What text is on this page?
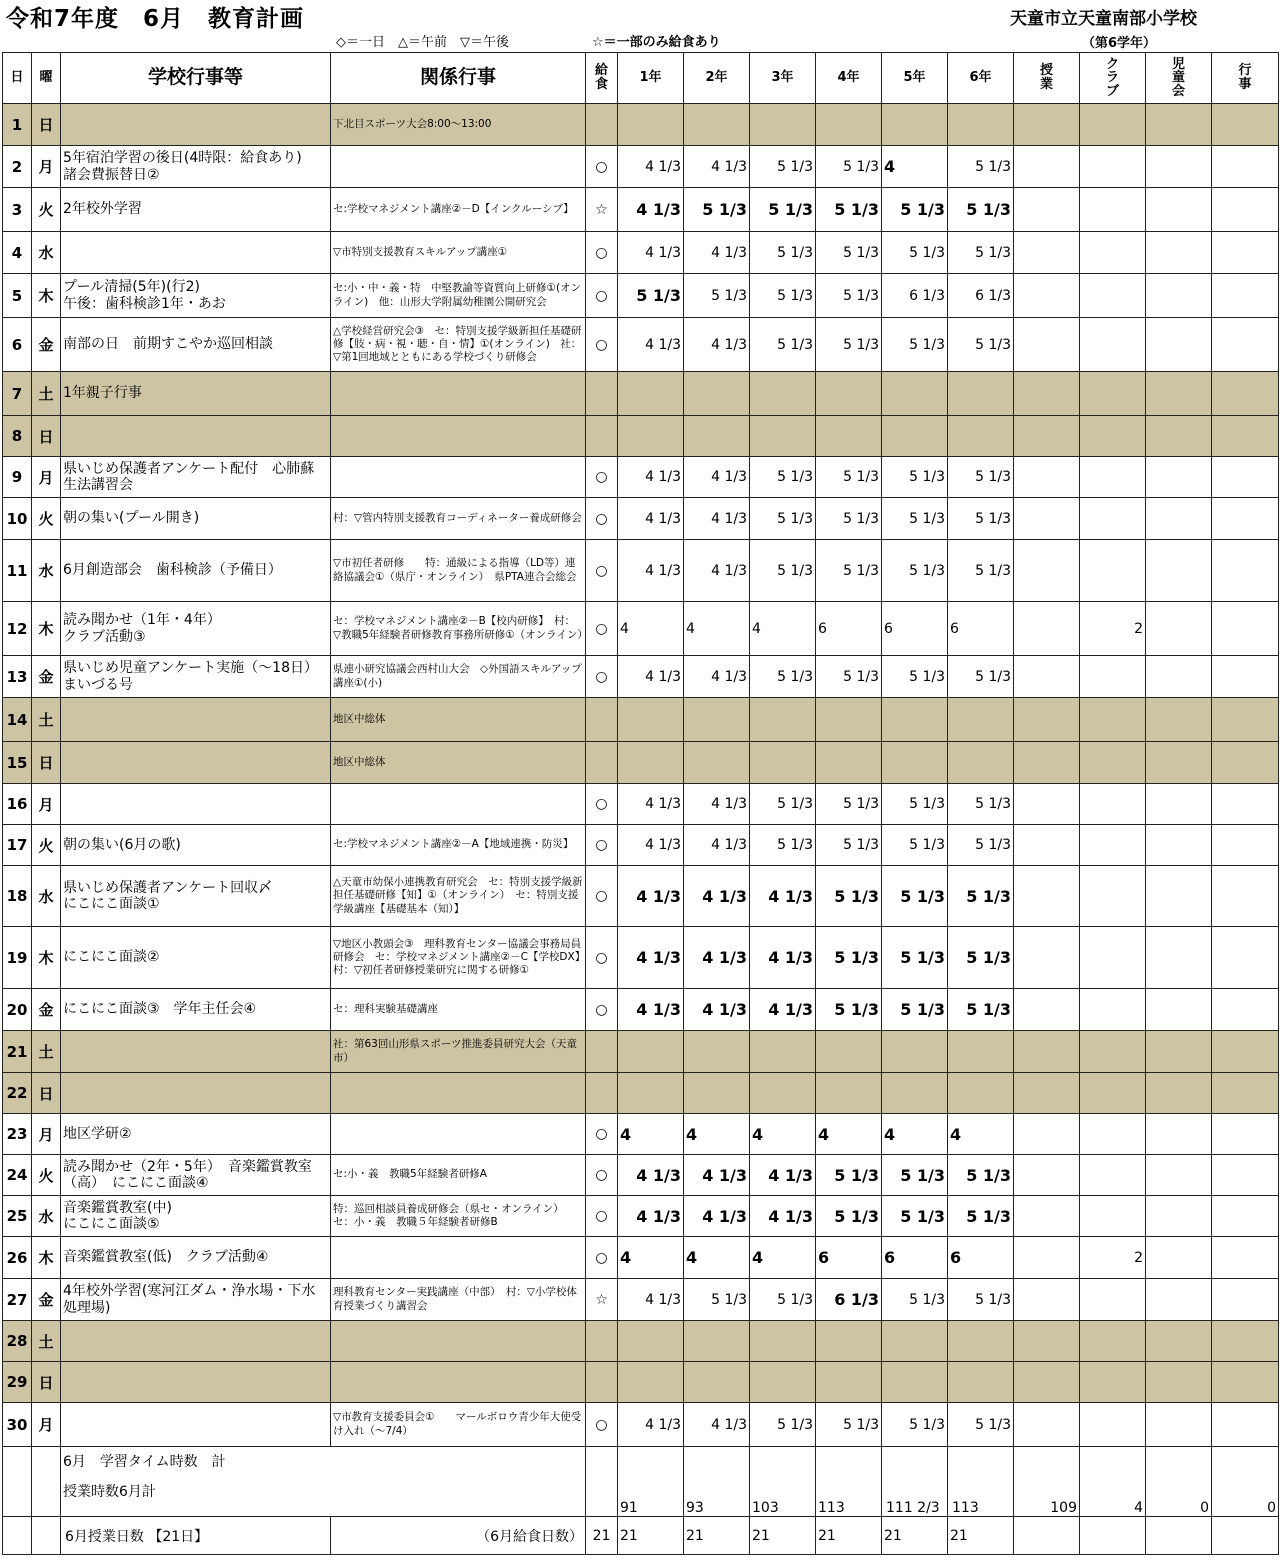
令和7年度　6月　教育計画	天童市立天童南部小学校
◇＝一日　△＝午前　▽＝午後	☆＝一部のみ給食あり	（第6学年）
日	曜	学校行事等	関係行事	給食	1年	2年	3年	4年	5年	6年	授業	クラブ	児童会	行事
1	日		下北目スポーツ大会8:00～13:00											
2	月	5年宿泊学習の後日(4時限：給食あり)
諸会費振替日②		○	4 1/3	4 1/3	5 1/3	5 1/3	4	5 1/3				
3	火	2年校外学習	セ:学校マネジメント講座②－D【インクルーシブ】	☆	4 1/3	5 1/3	5 1/3	5 1/3	5 1/3	5 1/3				
4	水		▽市特別支援教育スキルアップ講座①	○	4 1/3	4 1/3	5 1/3	5 1/3	5 1/3	5 1/3				
5	木	プール清掃(5年)(行2)
午後：歯科検診1年・あお	セ:小・中・義・特　中堅教諭等資質向上研修①(オンライン)　他：山形大学附属幼稚園公開研究会	○	5 1/3	5 1/3	5 1/3	5 1/3	6 1/3	6 1/3				
6	金	南部の日　前期すこやか巡回相談	△学校経営研究会③　セ：特別支援学級新担任基礎研修【肢・病・視・聴・自・情】①(オンライン)　社：▽第1回地域とともにある学校づくり研修会	○	4 1/3	4 1/3	5 1/3	5 1/3	5 1/3	5 1/3				
7	土	1年親子行事												
8	日													
9	月	県いじめ保護者アンケート配付　心肺蘇生法講習会		○	4 1/3	4 1/3	5 1/3	5 1/3	5 1/3	5 1/3				
10	火	朝の集い(プール開き)	村：▽管内特別支援教育コーディネーター養成研修会	○	4 1/3	4 1/3	5 1/3	5 1/3	5 1/3	5 1/3				
11	水	6月創造部会　歯科検診（予備日）	▽市初任者研修　　特：通級による指導（LD等）連絡協議会①（県庁・オンライン）　県PTA連合会総会	○	4 1/3	4 1/3	5 1/3	5 1/3	5 1/3	5 1/3				
12	木	読み聞かせ（1年・4年）
クラブ活動③	セ：学校マネジメント講座②－B【校内研修】　村：▽教職5年経験者研修教育事務所研修①（オンライン）	○	4	4	4	6	6	6		2		
13	金	県いじめ児童アンケート実施（～18日）
まいづる号	県連小研究協議会西村山大会　◇外国語スキルアップ講座①(小)	○	4 1/3	4 1/3	5 1/3	5 1/3	5 1/3	5 1/3				
14	土		地区中総体											
15	日		地区中総体											
16	月			○	4 1/3	4 1/3	5 1/3	5 1/3	5 1/3	5 1/3				
17	火	朝の集い(6月の歌)	セ:学校マネジメント講座②－A【地域連携・防災】	○	4 1/3	4 1/3	5 1/3	5 1/3	5 1/3	5 1/3				
18	水	県いじめ保護者アンケート回収〆
にこにこ面談①	△天童市幼保小連携教育研究会　セ：特別支援学級新担任基礎研修【知】①（オンライン）　セ：特別支援学級講座【基礎基本（知）】	○	4 1/3	4 1/3	4 1/3	5 1/3	5 1/3	5 1/3				
19	木	にこにこ面談②	▽地区小教頭会③　理科教育センター協議会事務局員研修会　セ：学校マネジメント講座②－C【学校DX】　村：▽初任者研修授業研究に関する研修①	○	4 1/3	4 1/3	4 1/3	5 1/3	5 1/3	5 1/3				
20	金	にこにこ面談③　学年主任会④	セ：理科実験基礎講座	○	4 1/3	4 1/3	4 1/3	5 1/3	5 1/3	5 1/3				
21	土		社：第63回山形県スポーツ推進委員研究大会（天童市）											
22	日													
23	月	地区学研②		○	4	4	4	4	4	4				
24	火	読み聞かせ（2年・5年）　音楽鑑賞教室（高）　にこにこ面談④	セ:小・義　教職5年経験者研修A	○	4 1/3	4 1/3	4 1/3	5 1/3	5 1/3	5 1/3				
25	水	音楽鑑賞教室(中)
にこにこ面談⑤	特：巡回相談員養成研修会（県セ・オンライン）　セ：小・義　教職５年経験者研修B	○	4 1/3	4 1/3	4 1/3	5 1/3	5 1/3	5 1/3				
26	木	音楽鑑賞教室(低)　クラブ活動④		○	4	4	4	6	6	6		2		
27	金	4年校外学習(寒河江ダム・浄水場・下水処理場)	理科教育センター実践講座（中部）　村：▽小学校体育授業づくり講習会	☆	4 1/3	5 1/3	5 1/3	6 1/3	5 1/3	5 1/3				
28	土													
29	日													
30	月		▽市教育支援委員会①　　マールボロウ青少年大使受け入れ（～7/4）	○	4 1/3	4 1/3	5 1/3	5 1/3	5 1/3	5 1/3				

		6月　学習タイム時数　計
授業時数6月計			91	93	103	113	111 2/3	113	109	4	0	0
		6月授業日数 【21日】	（6月給食日数）	21	21	21	21	21	21	21				
